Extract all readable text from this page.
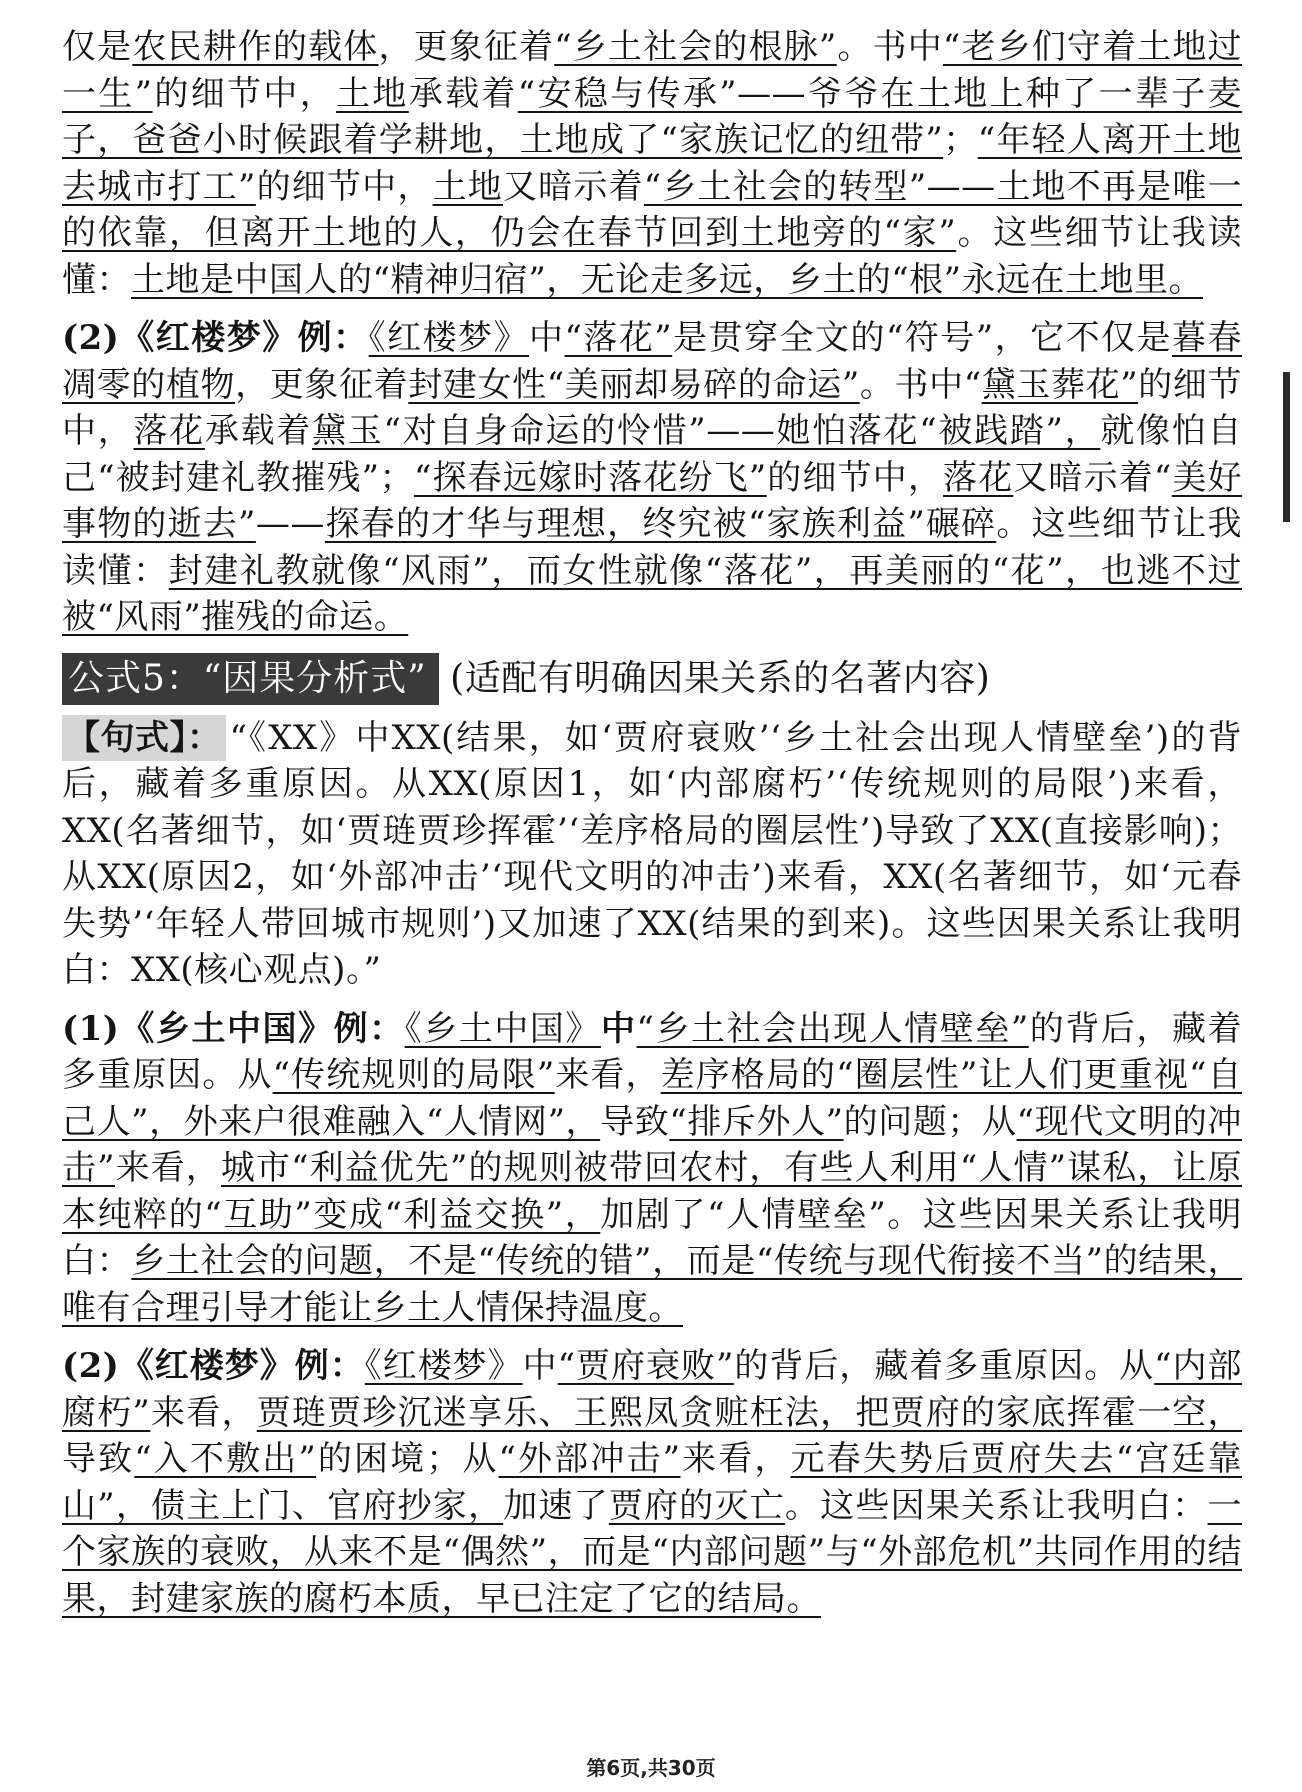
仅是农民耕作的载体，更象征着“乡土社会的根脉”。书中“老乡们守着土地过一生”的细节中，土地承载着“安稳与传承”——爷爷在土地上种了一辈子麦子，爸爸小时候跟着学耕地，土地成了“家族记忆的纽带”；“年轻人离开土地去城市打工”的细节中，土地又暗示着“乡土社会的转型”——土地不再是唯一的依靠，但离开土地的人，仍会在春节回到土地旁的“家”。这些细节让我读懂：土地是中国人的“精神归宿”，无论走多远，乡土的“根”永远在土地里。

(2)《红楼梦》例：《红楼梦》中“落花”是贯穿全文的“符号”，它不仅是暮春凋零的植物，更象征着封建女性“美丽却易碎的命运”。书中“黛玉葬花”的细节中，落花承载着黛玉“对自身命运的怜惜”——她怕落花“被践踏”，就像怕自己“被封建礼教摧残”；“探春远嫁时落花纷飞”的细节中，落花又暗示着“美好事物的逝去”——探春的才华与理想，终究被“家族利益”碾碎。这些细节让我读懂：封建礼教就像“风雨”，而女性就像“落花”，再美丽的“花”，也逃不过被“风雨”摧残的命运。

公式5：“因果分析式” (适配有明确因果关系的名著内容)

【句式】： “《XX》中XX(结果，如‘贾府衰败’‘乡土社会出现人情壁垒’)的背后，藏着多重原因。从XX(原因1，如‘内部腐朽’‘传统规则的局限’)来看，XX(名著细节，如‘贾琏贾珍挥霍’‘差序格局的圈层性’)导致了XX(直接影响)；从XX(原因2，如‘外部冲击’‘现代文明的冲击’)来看，XX(名著细节，如‘元春失势’‘年轻人带回城市规则’)又加速了XX(结果的到来)。这些因果关系让我明白：XX(核心观点)。”

(1)《乡土中国》例：《乡土中国》中“乡土社会出现人情壁垒”的背后，藏着多重原因。从“传统规则的局限”来看，差序格局的“圈层性”让人们更重视“自己人”，外来户很难融入“人情网”，导致“排斥外人”的问题；从“现代文明的冲击”来看，城市“利益优先”的规则被带回农村，有些人利用“人情”谋私，让原本纯粹的“互助”变成“利益交换”，加剧了“人情壁垒”。这些因果关系让我明白：乡土社会的问题，不是“传统的错”，而是“传统与现代衔接不当”的结果，唯有合理引导才能让乡土人情保持温度。

(2)《红楼梦》例：《红楼梦》中“贾府衰败”的背后，藏着多重原因。从“内部腐朽”来看，贾琏贾珍沉迷享乐、王熙凤贪赃枉法，把贾府的家底挥霍一空，导致“入不敷出”的困境；从“外部冲击”来看，元春失势后贾府失去“宫廷靠山”，债主上门、官府抄家，加速了贾府的灭亡。这些因果关系让我明白：一个家族的衰败，从来不是“偶然”，而是“内部问题”与“外部危机”共同作用的结果，封建家族的腐朽本质，早已注定了它的结局。

第6页,共30页
